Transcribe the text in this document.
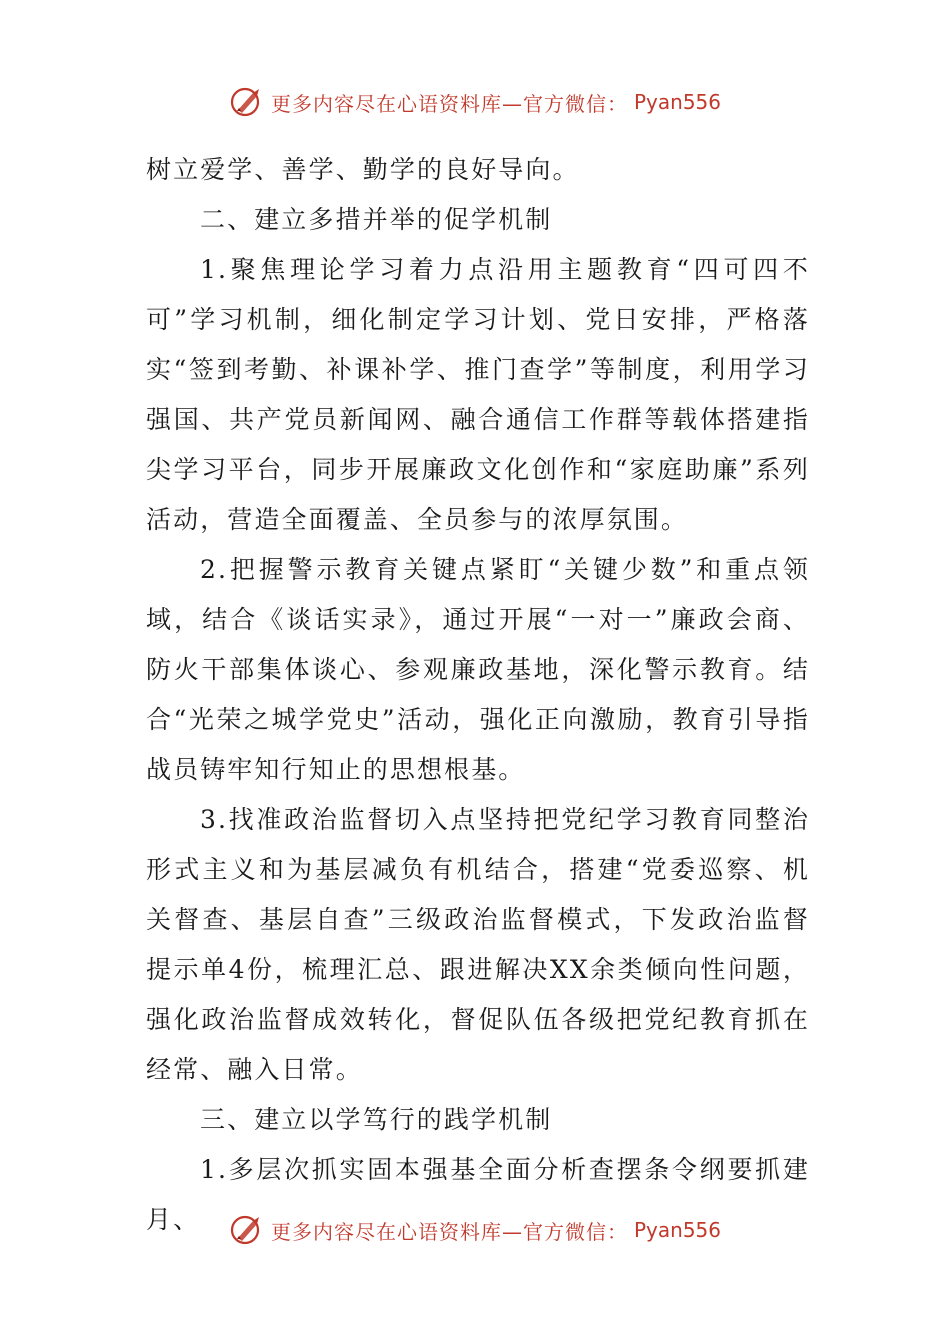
更多内容尽在心语资料库—官方微信： Pyan556

树立爱学、善学、勤学的良好导向。

二、建立多措并举的促学机制

1.聚焦理论学习着力点沿用主题教育“四可四不可”学习机制，细化制定学习计划、党日安排，严格落实“签到考勤、补课补学、推门查学”等制度，利用学习强国、共产党员新闻网、融合通信工作群等载体搭建指尖学习平台，同步开展廉政文化创作和“家庭助廉”系列活动，营造全面覆盖、全员参与的浓厚氛围。

2.把握警示教育关键点紧盯“关键少数”和重点领域，结合《谈话实录》，通过开展“一对一”廉政会商、防火干部集体谈心、参观廉政基地，深化警示教育。结合“光荣之城学党史”活动，强化正向激励，教育引导指战员铸牢知行知止的思想根基。

3.找准政治监督切入点坚持把党纪学习教育同整治形式主义和为基层减负有机结合，搭建“党委巡察、机关督查、基层自查”三级政治监督模式，下发政治监督提示单4份，梳理汇总、跟进解决XX余类倾向性问题，强化政治监督成效转化，督促队伍各级把党纪教育抓在经常、融入日常。

三、建立以学笃行的践学机制

1.多层次抓实固本强基全面分析查摆条令纲要抓建月、	更多内容尽在心语资料库—官方微信： Pyan556
